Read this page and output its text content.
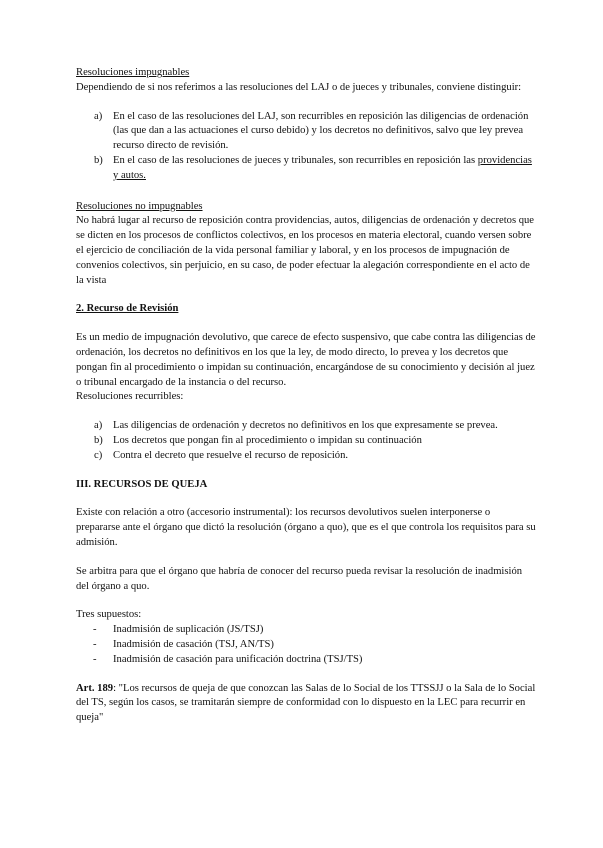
Resoluciones impugnables

Dependiendo de si nos referimos a las resoluciones del LAJ o de jueces y tribunales, conviene distinguir:

a) En el caso de las resoluciones del LAJ, son recurribles en reposición las diligencias de ordenación (las que dan a las actuaciones el curso debido) y los decretos no definitivos, salvo que ley prevea recurso directo de revisión.
b) En el caso de las resoluciones de jueces y tribunales, son recurribles en reposición las providencias y autos.

Resoluciones no impugnables

No habrá lugar al recurso de reposición contra providencias, autos, diligencias de ordenación y decretos que se dicten en los procesos de conflictos colectivos, en los procesos en materia electoral, cuando versen sobre el ejercicio de conciliación de la vida personal familiar y laboral, y en los procesos de impugnación de convenios colectivos, sin perjuicio, en su caso, de poder efectuar la alegación correspondiente en el acto de la vista

2. Recurso de Revisión

Es un medio de impugnación devolutivo, que carece de efecto suspensivo, que cabe contra las diligencias de ordenación, los decretos no definitivos en los que la ley, de modo directo, lo prevea y los decretos que pongan fin al procedimiento o impidan su continuación, encargándose de su conocimiento y decisión al juez o tribunal encargado de la instancia o del recurso.

Resoluciones recurribles:

a) Las diligencias de ordenación y decretos no definitivos en los que expresamente se prevea.
b) Los decretos que pongan fin al procedimiento o impidan su continuación
c) Contra el decreto que resuelve el recurso de reposición.

III. RECURSOS DE QUEJA

Existe con relación a otro (accesorio instrumental): los recursos devolutivos suelen interponerse o prepararse ante el órgano que dictó la resolución (órgano a quo), que es el que controla los requisitos para su admisión.

Se arbitra para que el órgano que habría de conocer del recurso pueda revisar la resolución de inadmisión del órgano a quo.

Tres supuestos:

- Inadmisión de suplicación (JS/TSJ)
- Inadmisión de casación (TSJ, AN/TS)
- Inadmisión de casación para unificación doctrina (TSJ/TS)

Art. 189: "Los recursos de queja de que conozcan las Salas de lo Social de los TTSSJJ o la Sala de lo Social del TS, según los casos, se tramitarán siempre de conformidad con lo dispuesto en la LEC para recurrir en queja"
